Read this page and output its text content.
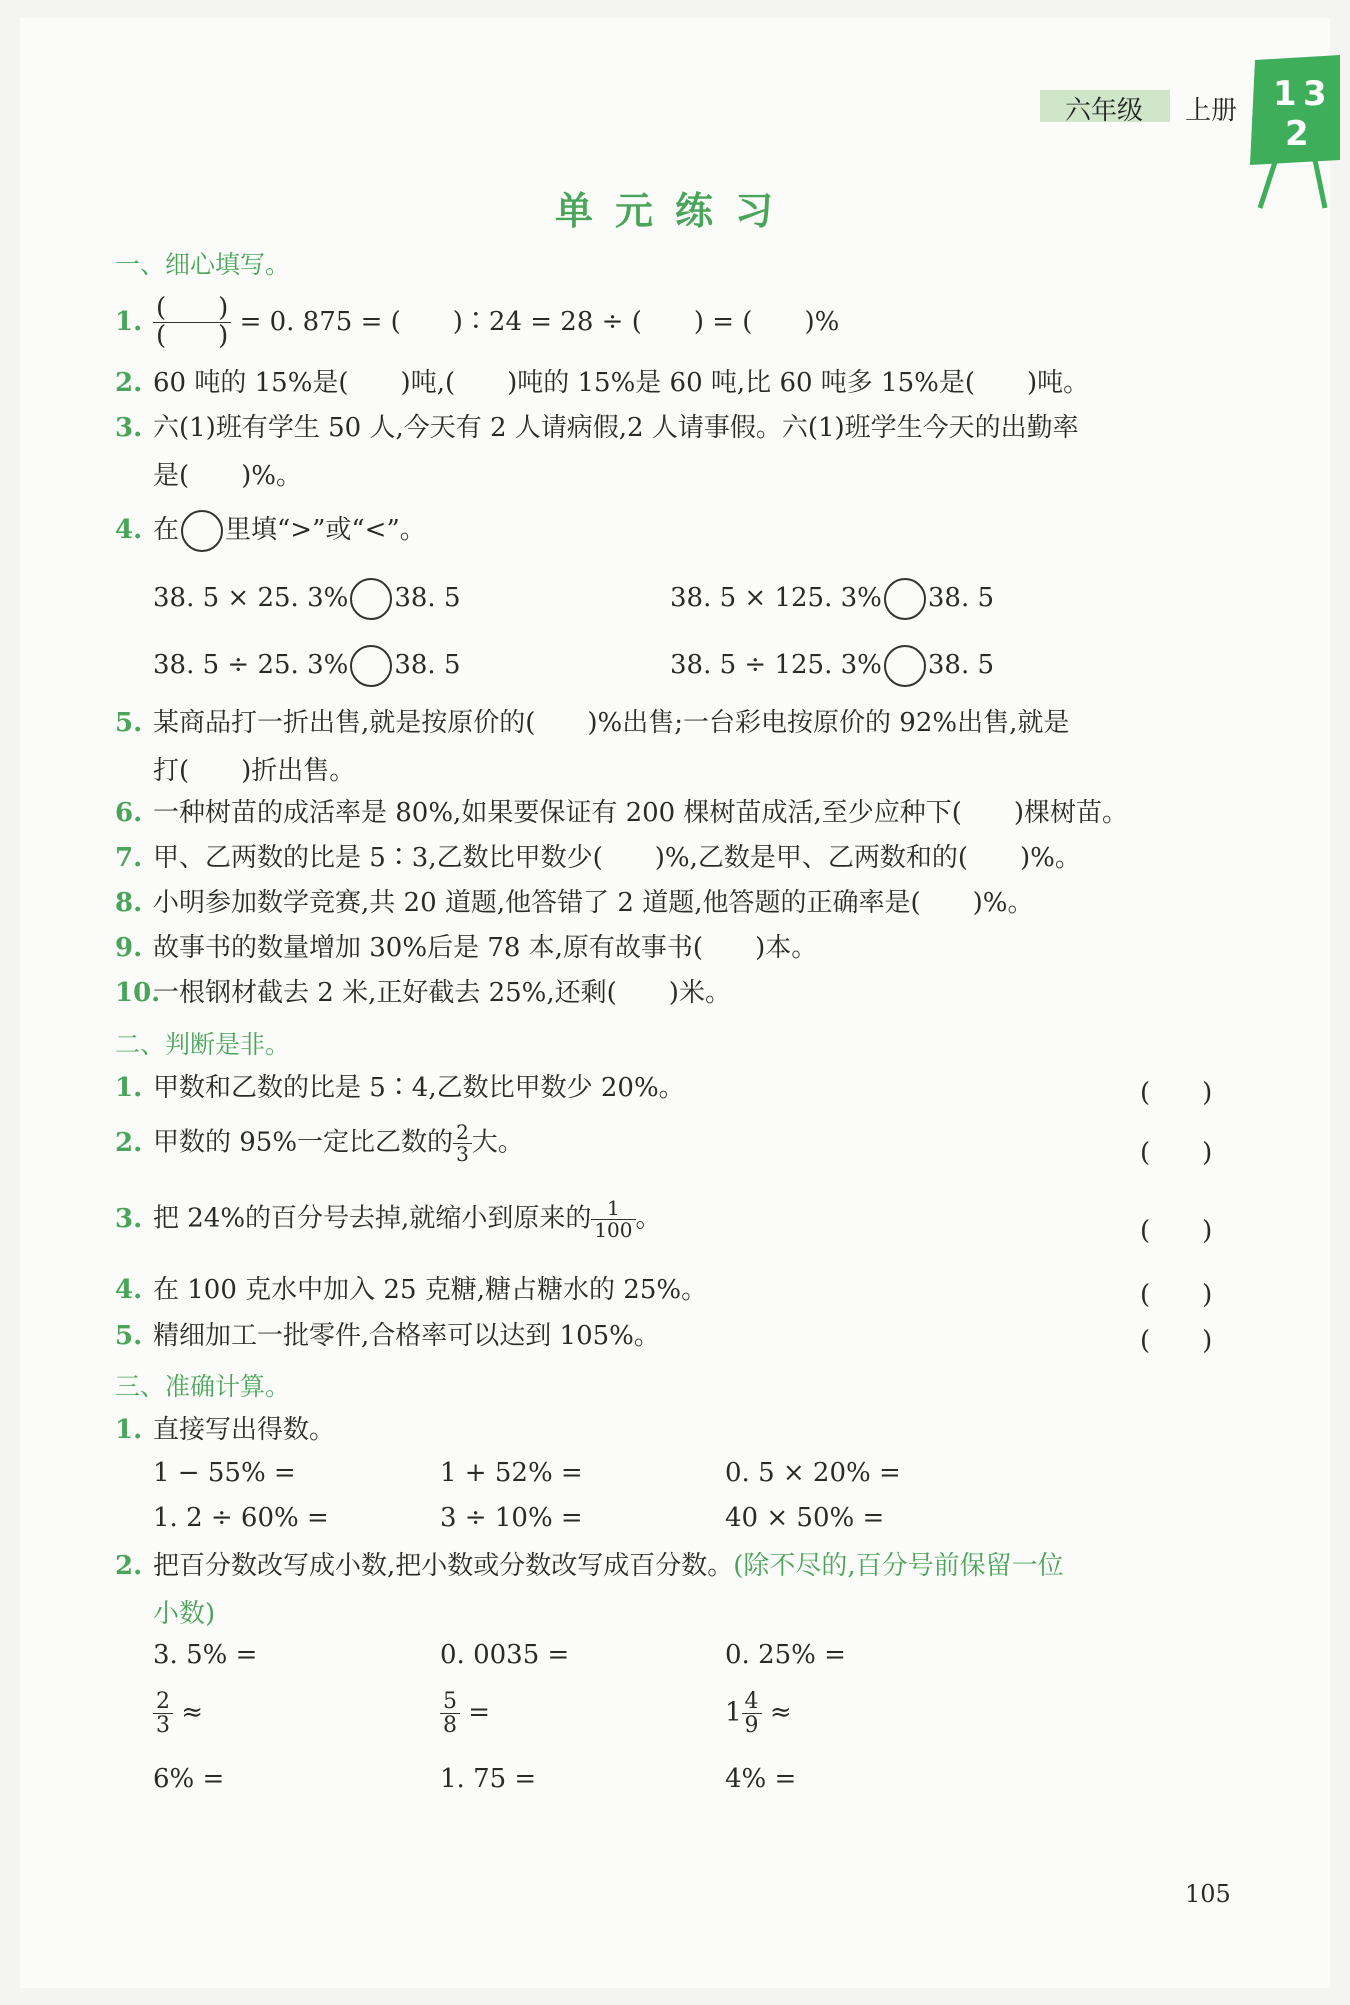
六年级 上册 1 3
2
单元练习
一、细心填写。
1. $\frac{( )}{( )} = 0$. 875 = (　　)∶24 = 28 ÷ (　　) = (　　)%
2. 60 吨的 15%是(　　)吨,(　　)吨的 15%是 60 吨,比 60 吨多 15%是(　　)吨。
3. 六(1)班有学生 50 人,今天有 2 人请病假,2 人请事假。六(1)班学生今天的出勤率
是(　　)%。
4. 在 里填“>”或“<”。
38. 5 × 25. 3% 38. 5	38. 5 × 125. 3% 38. 5
38. 5 ÷ 25. 3% 38. 5	38. 5 ÷ 125. 3% 38. 5
5. 某商品打一折出售,就是按原价的(　　)%出售;一台彩电按原价的 92%出售,就是
打(　　)折出售。
6. 一种树苗的成活率是 80%,如果要保证有 200 棵树苗成活,至少应种下(　　)棵树苗。
7. 甲、乙两数的比是 5∶3,乙数比甲数少(　　)%,乙数是甲、乙两数和的(　　)%。
8. 小明参加数学竞赛,共 20 道题,他答错了 2 道题,他答题的正确率是(　　)%。
9. 故事书的数量增加 30%后是 78 本,原有故事书(　　)本。
10.一根钢材截去 2 米,正好截去 25%,还剩(　　)米。
二、判断是非。
1. 甲数和乙数的比是 5∶4,乙数比甲数少 20%。	(　　)
2. 甲数的 95%一定比乙数的 $\frac{2}{3}$ 大。	(　　)
3. 把 24%的百分号去掉,就缩小到原来的 $\frac{1}{100}$ 。	(　　)
4. 在 100 克水中加入 25 克糖,糖占糖水的 25%。	(　　)
5. 精细加工一批零件,合格率可以达到 105%。	(　　)
三、准确计算。
1. 直接写出得数。
1 − 55% =	1 + 52% =	0. 5 × 20% =
1. 2 ÷ 60% =	3 ÷ 10% =	40 × 50% =
2. 把百分数改写成小数,把小数或分数改写成百分数。(除不尽的,百分号前保留一位
小数)
3. 5% =	0. 0035 =	0. 25% =
$\frac{2}{3}$ ≈	$\frac{5}{8}$ =	$1 \frac{4}{9}$ ≈
6% =	1. 75 =	4% =
105
